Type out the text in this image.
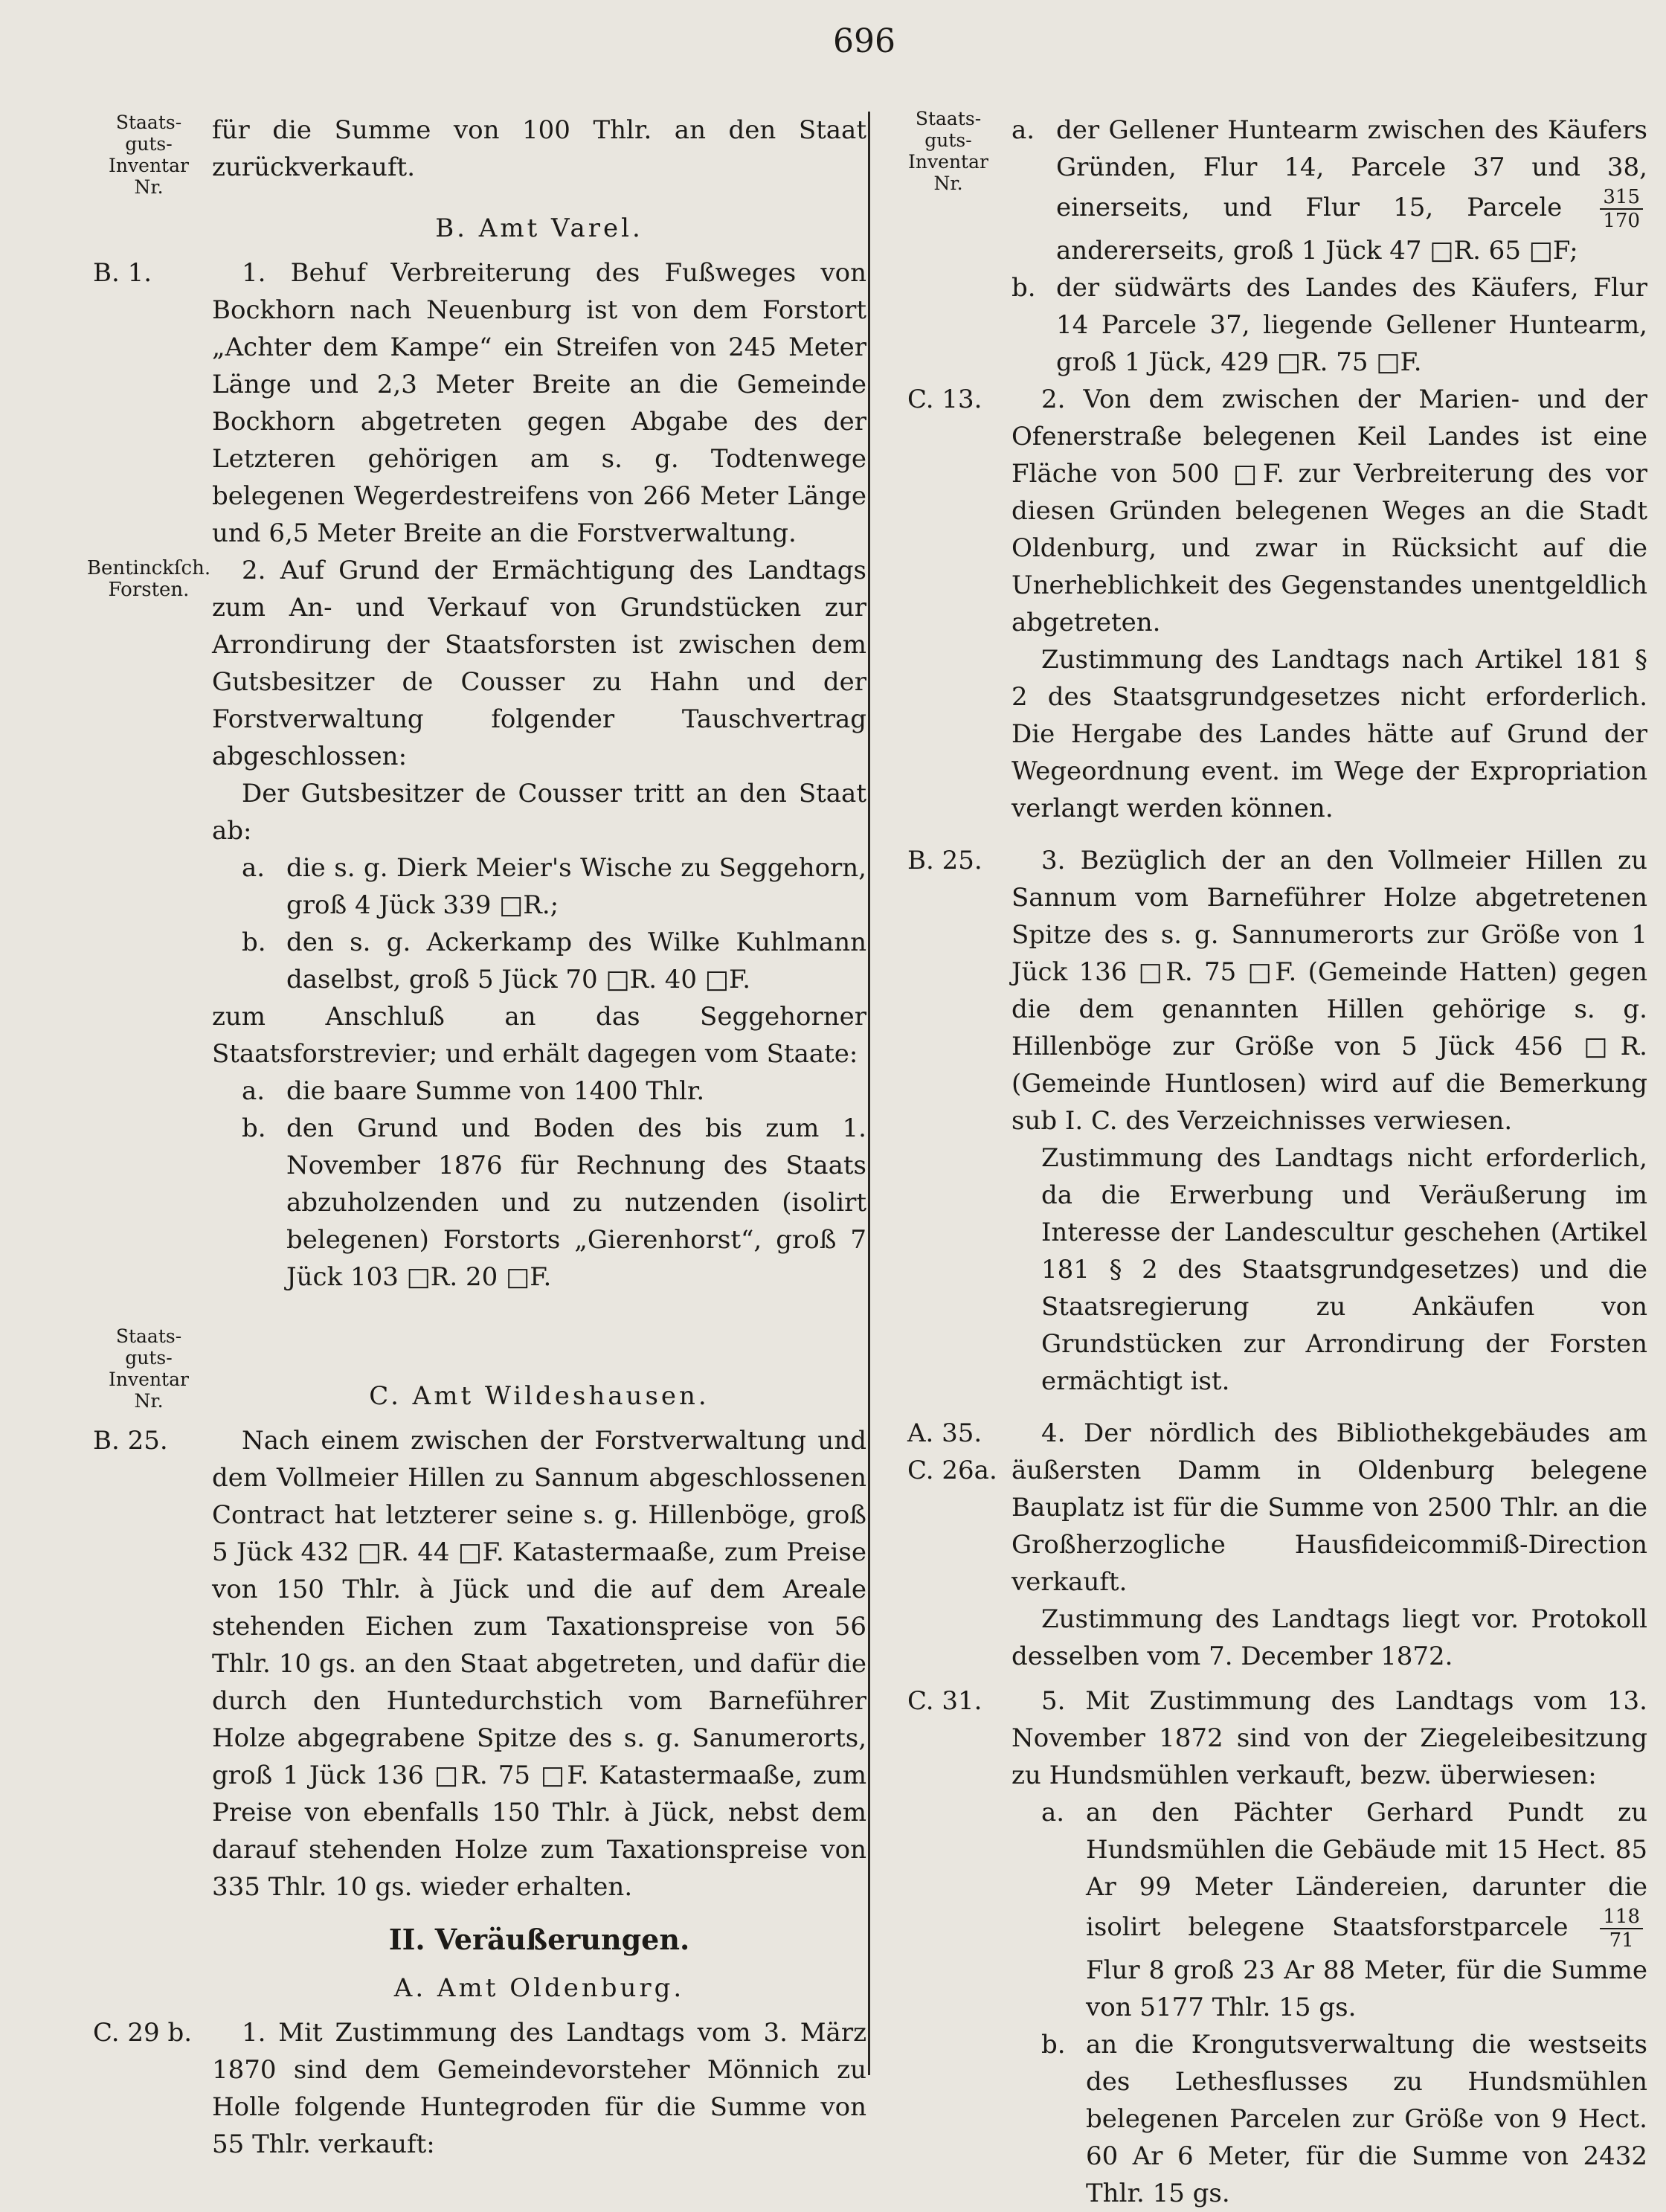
696
Staats-
guts-
Inventar
Nr.

für die Summe von 100 Thlr. an den Staat zurückverkauft.

B. Amt Varel.
B. 1.	1. Behuf Verbreiterung des Fußweges von Bockhorn nach Neuenburg ist von dem Forstort „Achter dem Kampe“ ein Streifen von 245 Meter Länge und 2,3 Meter Breite an die Gemeinde Bockhorn abgetreten gegen Abgabe des der Letzteren gehörigen am s. g. Todtenwege belegenen Wegerdestreifens von 266 Meter Länge und 6,5 Meter Breite an die Forstverwaltung.

Bentinckſch.
Forsten.

2. Auf Grund der Ermächtigung des Landtags zum An- und Verkauf von Grundstücken zur Arrondirung der Staatsforsten ist zwischen dem Gutsbesitzer de Cousser zu Hahn und der Forstverwaltung folgender Tauschvertrag abgeschlossen:

Der Gutsbesitzer de Cousser tritt an den Staat ab:

a. die s. g. Dierk Meier's Wische zu Seggehorn, groß 4 Jück 339 □R.;
b. den s. g. Ackerkamp des Wilke Kuhlmann daselbst, groß 5 Jück 70 □R. 40 □F.

zum Anschluß an das Seggehorner Staatsforstrevier; und erhält dagegen vom Staate:

a. die baare Summe von 1400 Thlr.
b. den Grund und Boden des bis zum 1. November 1876 für Rechnung des Staats abzuholzenden und zu nutzenden (isolirt belegenen) Forstorts „Gierenhorst“, groß 7 Jück 103 □R. 20 □F.
Staats-
guts-
Inventar
Nr.	C. Amt Wildeshausen.
B. 25.	Nach einem zwischen der Forstverwaltung und dem Vollmeier Hillen zu Sannum abgeschlossenen Contract hat letzterer seine s. g. Hillenböge, groß 5 Jück 432 □R. 44 □F. Katastermaaße, zum Preise von 150 Thlr. à Jück und die auf dem Areale stehenden Eichen zum Taxationspreise von 56 Thlr. 10 gs. an den Staat abgetreten, und dafür die durch den Huntedurchstich vom Barneführer Holze abgegrabene Spitze des s. g. Sanumerorts, groß 1 Jück 136 □R. 75 □F. Katastermaaße, zum Preise von ebenfalls 150 Thlr. à Jück, nebst dem darauf stehenden Holze zum Taxationspreise von 335 Thlr. 10 gs. wieder erhalten.

II. Veräußerungen.
A. Amt Oldenburg.
C. 29 b.	1. Mit Zustimmung des Landtags vom 3. März 1870 sind dem Gemeindevorsteher Mönnich zu Holle folgende Huntegroden für die Summe von 55 Thlr. verkauft:

Staats-
guts-
Inventar
Nr.
a. der Gellener Huntearm zwischen des Käufers Gründen, Flur 14, Parcele 37 und 38, einerseits, und Flur 15, Parcele $\frac{315}{170}$
andererseits, groß 1 Jück 47 □R. 65 □F;
b. der südwärts des Landes des Käufers, Flur 14 Parcele 37, liegende Gellener Huntearm, groß 1 Jück, 429 □R. 75 □F.
C. 13.	2. Von dem zwischen der Marien- und der Ofenerstraße belegenen Keil Landes ist eine Fläche von 500 □F. zur Verbreiterung des vor diesen Gründen belegenen Weges an die Stadt Oldenburg, und zwar in Rücksicht auf die Unerheblichkeit des Gegenstandes unentgeldlich abgetreten.

Zustimmung des Landtags nach Artikel 181 § 2 des Staatsgrundgesetzes nicht erforderlich. Die Hergabe des Landes hätte auf Grund der Wegeordnung event. im Wege der Expropriation verlangt werden können.

B. 25.	3. Bezüglich der an den Vollmeier Hillen zu Sannum vom Barneführer Holze abgetretenen Spitze des s. g. Sannumerorts zur Größe von 1 Jück 136 □R. 75 □F. (Gemeinde Hatten) gegen die dem genannten Hillen gehörige s. g. Hillenböge zur Größe von 5 Jück 456 □R. (Gemeinde Huntlosen) wird auf die Bemerkung sub I. C. des Verzeichnisses verwiesen.

Zustimmung des Landtags nicht erforderlich, da die Erwerbung und Veräußerung im Interesse der Landescultur geschehen (Artikel 181 § 2 des Staatsgrundgesetzes) und die Staatsregierung zu Ankäufen von Grundstücken zur Arrondirung der Forsten ermächtigt ist.

A. 35.
C. 26a.

4. Der nördlich des Bibliothekgebäudes am äußersten Damm in Oldenburg belegene Bauplatz ist für die Summe von 2500 Thlr. an die Großherzogliche Hausfideicommiß-Direction verkauft.

Zustimmung des Landtags liegt vor. Protokoll desselben vom 7. December 1872.

C. 31.	5. Mit Zustimmung des Landtags vom 13. November 1872 sind von der Ziegeleibesitzung zu Hundsmühlen verkauft, bezw. überwiesen:

a. an den Pächter Gerhard Pundt zu Hundsmühlen die Gebäude mit 15 Hect. 85 Ar 99 Meter Ländereien, darunter die isolirt belegene Staatsforstparcele $\frac{118}{71}$
Flur 8 groß 23 Ar 88 Meter, für die Summe von 5177 Thlr. 15 gs.
b. an die Krongutsverwaltung die westseits des Lethesflusses zu Hundsmühlen belegenen Parcelen zur Größe von 9 Hect. 60 Ar 6 Meter, für die Summe von 2432 Thlr. 15 gs.
